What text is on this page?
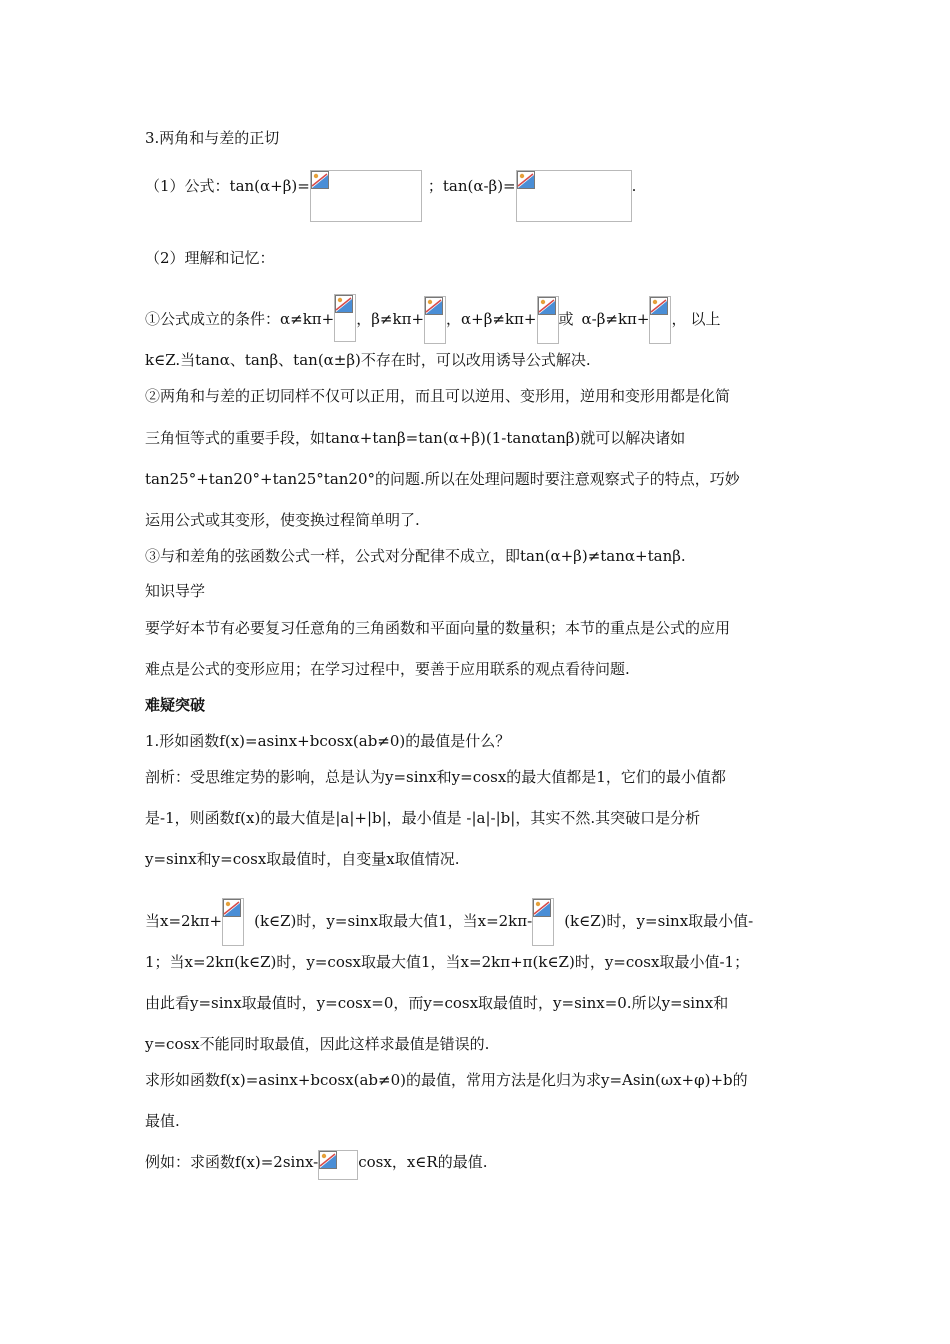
3.两角和与差的正切
（1）公式：tan(α+β)=	；tan(α-β)=	.
（2）理解和记忆：
①公式成立的条件：α≠kπ+ ，β≠kπ+ ，α+β≠kπ+ 或 α-β≠kπ+ ， 以上
k∈Z.当tanα、tanβ、tan(α±β)不存在时，可以改用诱导公式解决.
②两角和与差的正切同样不仅可以正用，而且可以逆用、变形用，逆用和变形用都是化简
三角恒等式的重要手段，如tanα+tanβ=tan(α+β)(1-tanαtanβ)就可以解决诸如
tan25°+tan20°+tan25°tan20°的问题.所以在处理问题时要注意观察式子的特点，巧妙
运用公式或其变形，使变换过程简单明了.
③与和差角的弦函数公式一样，公式对分配律不成立，即tan(α+β)≠tanα+tanβ.
知识导学
要学好本节有必要复习任意角的三角函数和平面向量的数量积；本节的重点是公式的应用
难点是公式的变形应用；在学习过程中，要善于应用联系的观点看待问题.
难疑突破
1.形如函数f(x)=asinx+bcosx(ab≠0)的最值是什么？
剖析：受思维定势的影响，总是认为y=sinx和y=cosx的最大值都是1，它们的最小值都
是-1，则函数f(x)的最大值是|a|+|b|，最小值是 -|a|-|b|，其实不然.其突破口是分析
y=sinx和y=cosx取最值时，自变量x取值情况.
当x=2kπ+ (k∈Z)时，y=sinx取最大值1，当x=2kπ- (k∈Z)时，y=sinx取最小值-
1；当x=2kπ(k∈Z)时，y=cosx取最大值1，当x=2kπ+π(k∈Z)时，y=cosx取最小值-1；
由此看y=sinx取最值时，y=cosx=0，而y=cosx取最值时，y=sinx=0.所以y=sinx和
y=cosx不能同时取最值，因此这样求最值是错误的.
求形如函数f(x)=asinx+bcosx(ab≠0)的最值，常用方法是化归为求y=Asin(ωx+φ)+b的
最值.
例如：求函数f(x)=2sinx-	cosx，x∈R的最值.
